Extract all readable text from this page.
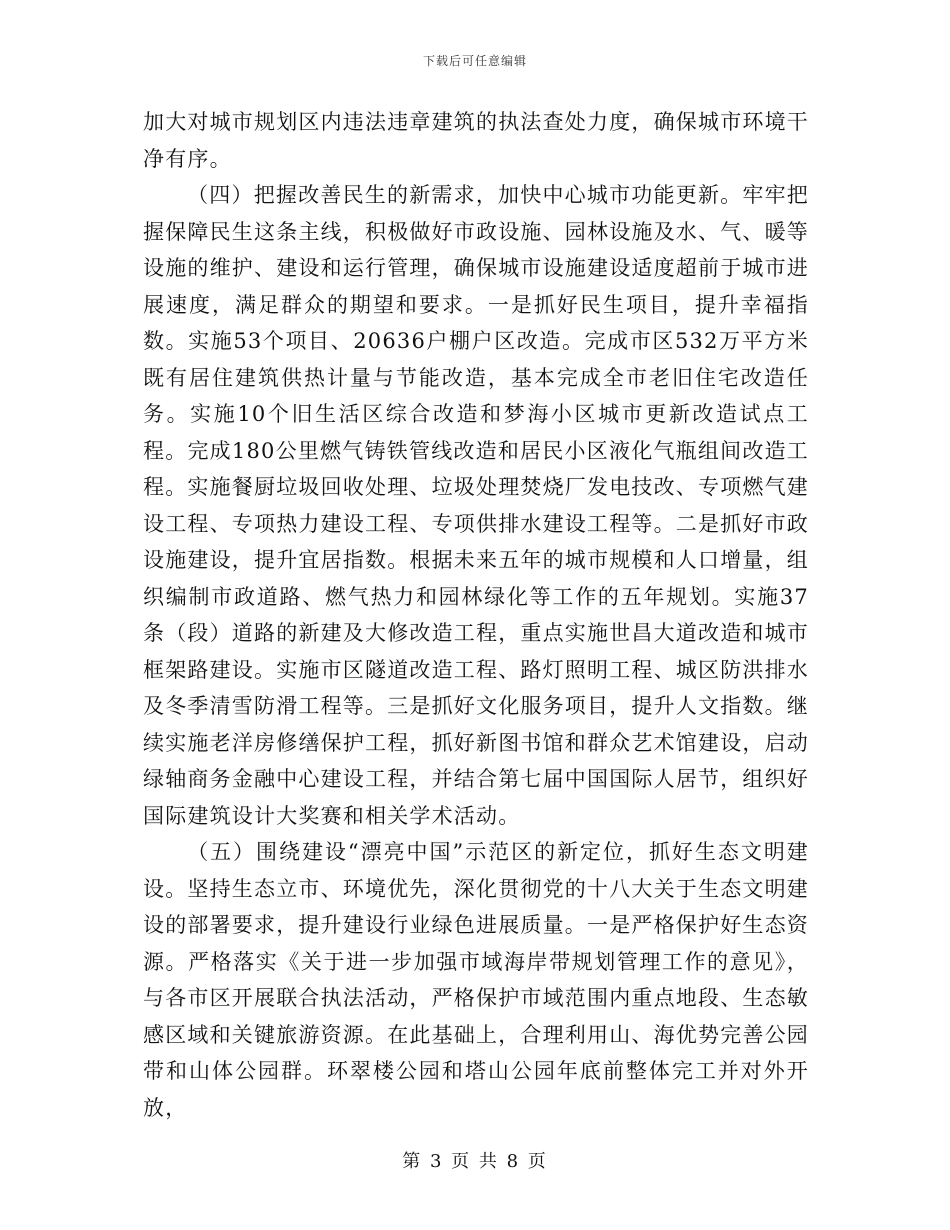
下载后可任意编辑

加大对城市规划区内违法违章建筑的执法查处力度，确保城市环境干净有序。

（四）把握改善民生的新需求，加快中心城市功能更新。牢牢把握保障民生这条主线，积极做好市政设施、园林设施及水、气、暖等设施的维护、建设和运行管理，确保城市设施建设适度超前于城市进展速度，满足群众的期望和要求。一是抓好民生项目，提升幸福指数。实施53个项目、20636户棚户区改造。完成市区532万平方米既有居住建筑供热计量与节能改造，基本完成全市老旧住宅改造任务。实施10个旧生活区综合改造和梦海小区城市更新改造试点工程。完成180公里燃气铸铁管线改造和居民小区液化气瓶组间改造工程。实施餐厨垃圾回收处理、垃圾处理焚烧厂发电技改、专项燃气建设工程、专项热力建设工程、专项供排水建设工程等。二是抓好市政设施建设，提升宜居指数。根据未来五年的城市规模和人口增量，组织编制市政道路、燃气热力和园林绿化等工作的五年规划。实施37条（段）道路的新建及大修改造工程，重点实施世昌大道改造和城市框架路建设。实施市区隧道改造工程、路灯照明工程、城区防洪排水及冬季清雪防滑工程等。三是抓好文化服务项目，提升人文指数。继续实施老洋房修缮保护工程，抓好新图书馆和群众艺术馆建设，启动绿轴商务金融中心建设工程，并结合第七届中国国际人居节，组织好国际建筑设计大奖赛和相关学术活动。

（五）围绕建设“漂亮中国”示范区的新定位，抓好生态文明建设。坚持生态立市、环境优先，深化贯彻党的十八大关于生态文明建设的部署要求，提升建设行业绿色进展质量。一是严格保护好生态资源。严格落实《关于进一步加强市域海岸带规划管理工作的意见》，与各市区开展联合执法活动，严格保护市域范围内重点地段、生态敏感区域和关键旅游资源。在此基础上，合理利用山、海优势完善公园带和山体公园群。环翠楼公园和塔山公园年底前整体完工并对外开放，

第 3 页 共 8 页
